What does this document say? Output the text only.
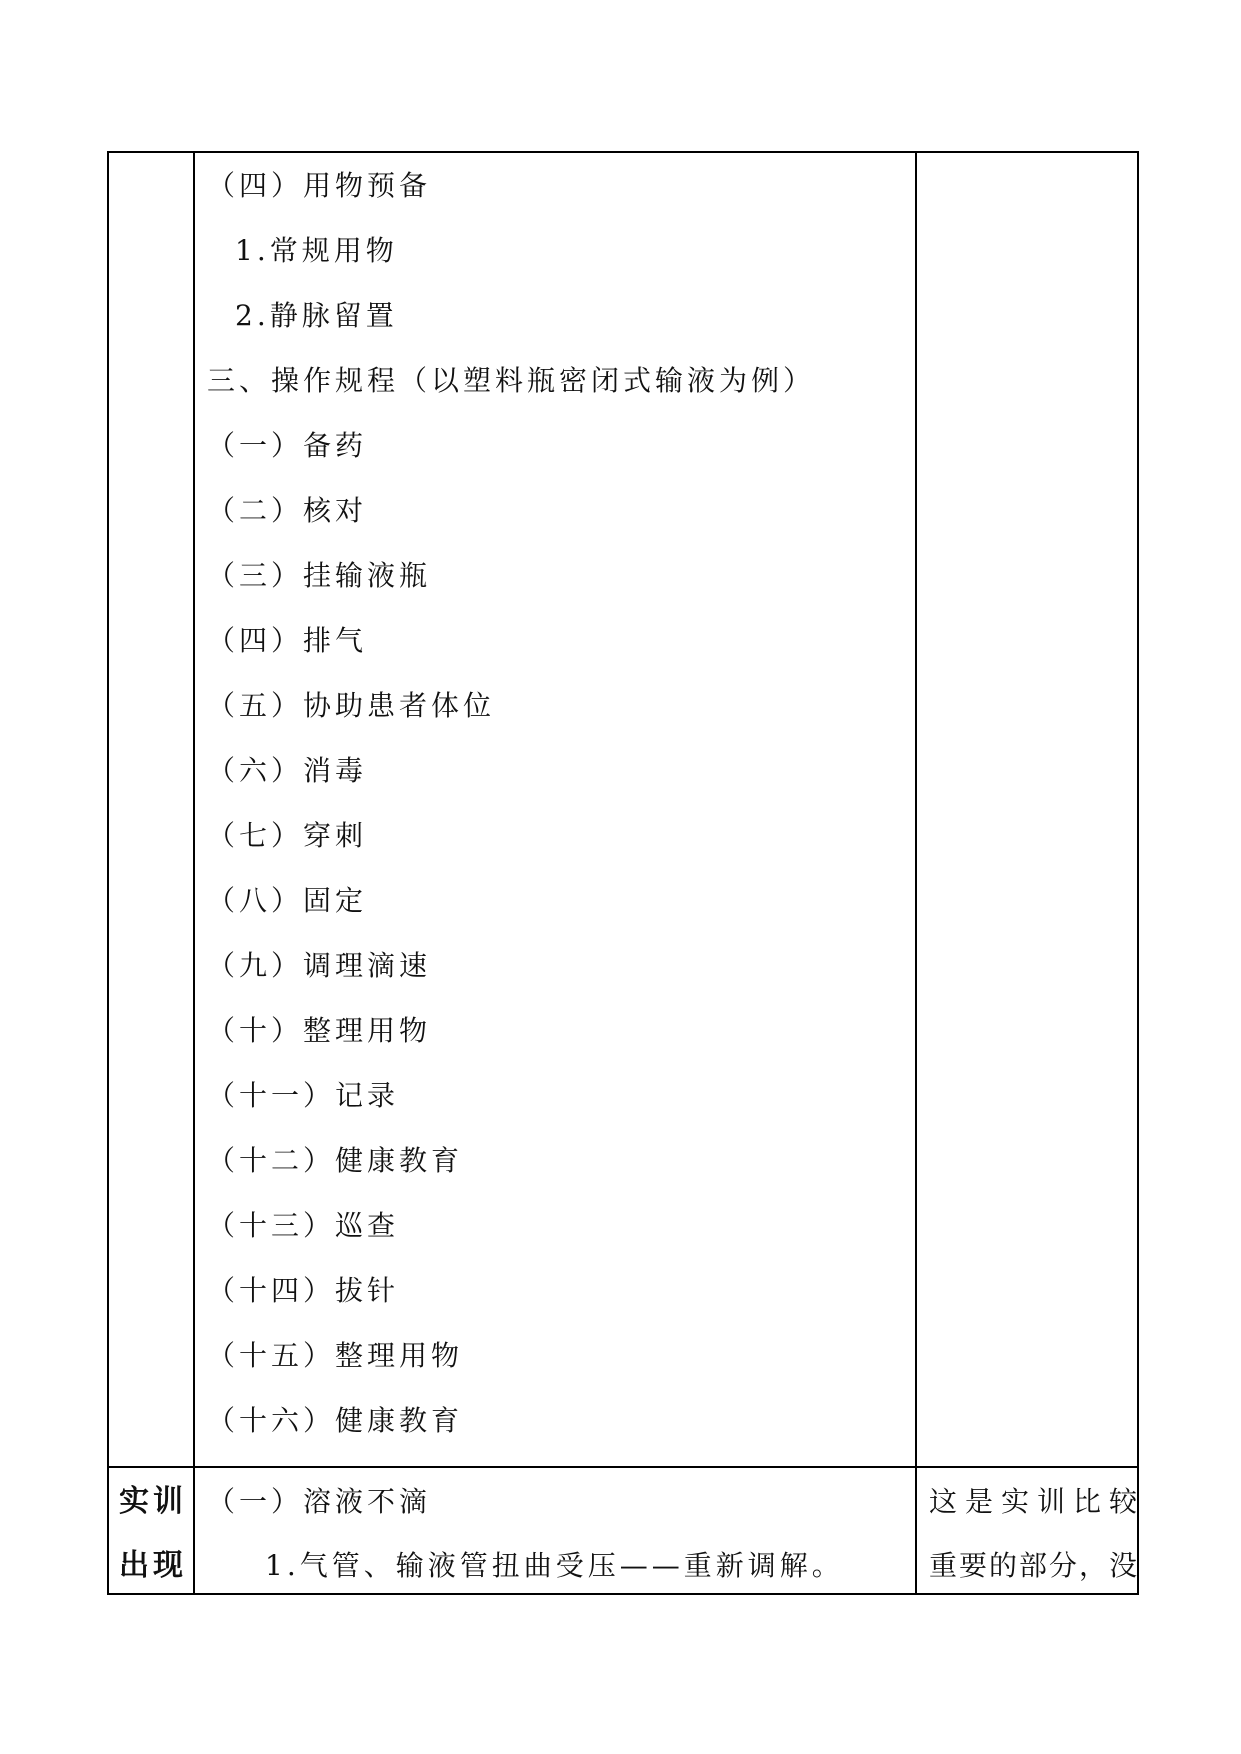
（四）用物预备
1.常规用物
2.静脉留置
三、操作规程（以塑料瓶密闭式输液为例）
（一）备药
（二）核对
（三）挂输液瓶
（四）排气
（五）协助患者体位
（六）消毒
（七）穿刺
（八）固定
（九）调理滴速
（十）整理用物
（十一）记录
（十二）健康教育
（十三）巡查
（十四）拔针
（十五）整理用物
（十六）健康教育
实训
出现
（一）溶液不滴
1.气管、输液管扭曲受压——重新调解。
这是实训比较
重要的部分，没
